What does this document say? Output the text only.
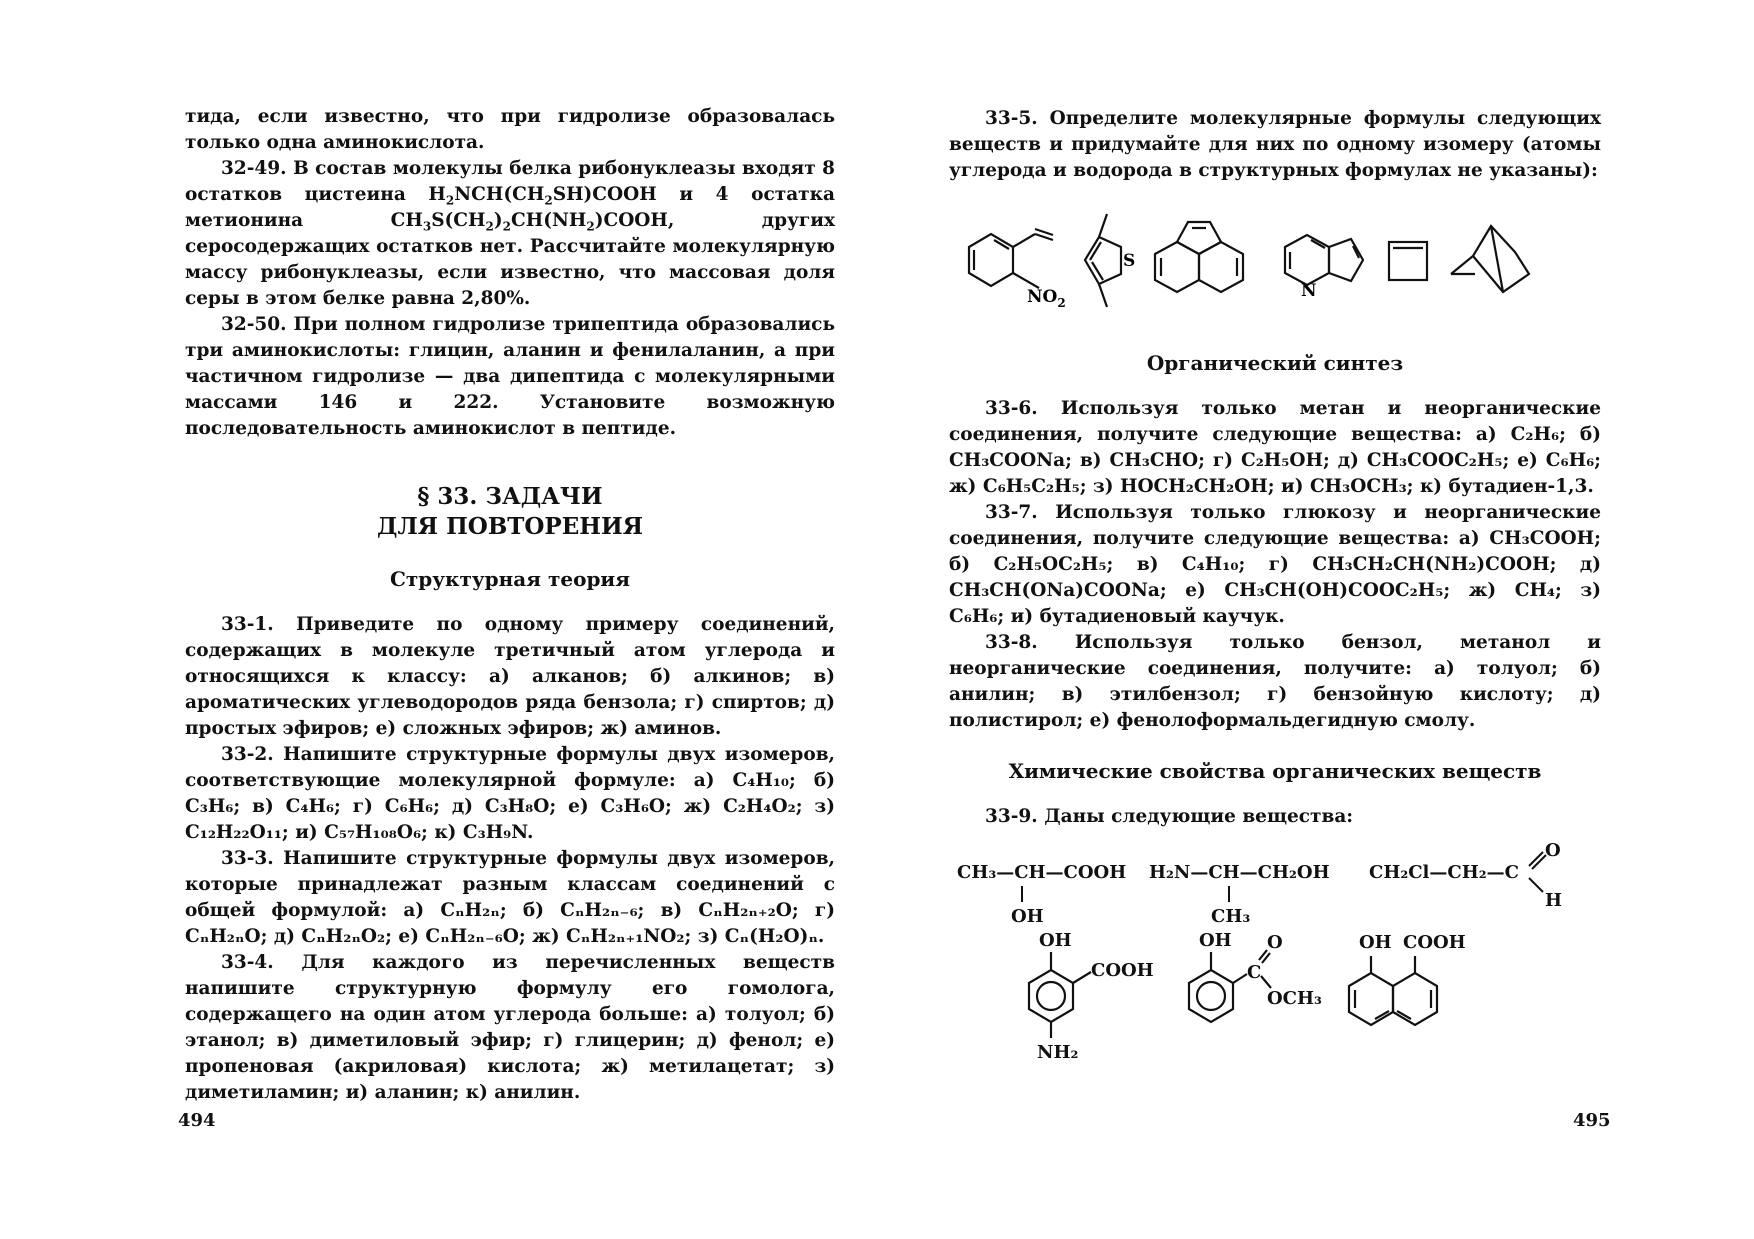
тида, если известно, что при гидролизе образовалась только одна аминокислота.

32-49. В состав молекулы белка рибонуклеазы входят 8 остатков цистеина $H_2NCH(CH_2SH)COOH$ и 4 остатка метионина $CH_3S(CH_2)_2CH(NH_2)COOH$, других серосодержащих остатков нет. Рассчитайте молекулярную массу рибонуклеазы, если известно, что массовая доля серы в этом белке равна 2,80%.

32-50. При полном гидролизе трипептида образовались три аминокислоты: глицин, аланин и фенилаланин, а при частичном гидролизе — два дипептида с молекулярными массами 146 и 222. Установите возможную последовательность аминокислот в пептиде.

§ 33. ЗАДАЧИ
ДЛЯ ПОВТОРЕНИЯ
Структурная теория

33-1. Приведите по одному примеру соединений, содержащих в молекуле третичный атом углерода и относящихся к классу: а) алканов; б) алкинов; в) ароматических углеводородов ряда бензола; г) спиртов; д) простых эфиров; е) сложных эфиров; ж) аминов.

33-2. Напишите структурные формулы двух изомеров, соответствующие молекулярной формуле: а) C₄H₁₀; б) C₃H₆; в) C₄H₆; г) C₆H₆; д) C₃H₈O; е) C₃H₆O; ж) C₂H₄O₂; з) C₁₂H₂₂O₁₁; и) C₅₇H₁₀₈O₆; к) C₃H₉N.

33-3. Напишите структурные формулы двух изомеров, которые принадлежат разным классам соединений с общей формулой: а) CₙH₂ₙ; б) CₙH₂ₙ₋₆; в) CₙH₂ₙ₊₂O; г) CₙH₂ₙO; д) CₙH₂ₙO₂; е) CₙH₂ₙ₋₆O; ж) CₙH₂ₙ₊₁NO₂; з) Cₙ(H₂O)ₙ.

33-4. Для каждого из перечисленных веществ напишите структурную формулу его гомолога, содержащего на один атом углерода больше: а) толуол; б) этанол; в) диметиловый эфир; г) глицерин; д) фенол; е) пропеновая (акриловая) кислота; ж) метилацетат; з) диметиламин; и) аланин; к) анилин.

494

33-5. Определите молекулярные формулы следующих веществ и придумайте для них по одному изомеру (атомы углерода и водорода в структурных формулах не указаны):

$NO_2$
S
N
Органический синтез

33-6. Используя только метан и неорганические соединения, получите следующие вещества: а) C₂H₆; б) CH₃COONa; в) CH₃CHO; г) C₂H₅OH; д) CH₃COOC₂H₅; е) C₆H₆; ж) C₆H₅C₂H₅; з) HOCH₂CH₂OH; и) CH₃OCH₃; к) бутадиен-1,3.

33-7. Используя только глюкозу и неорганические соединения, получите следующие вещества: а) CH₃COOH; б) C₂H₅OC₂H₅; в) C₄H₁₀; г) CH₃CH₂CH(NH₂)COOH; д) CH₃CH(ONa)COONa; е) CH₃CH(OH)COOC₂H₅; ж) CH₄; з) C₆H₆; и) бутадиеновый каучук.

33-8. Используя только бензол, метанол и неорганические соединения, получите: а) толуол; б) анилин; в) этилбензол; г) бензойную кислоту; д) полистирол; е) фенолоформальдегидную смолу.

Химические свойства органических веществ

33-9. Даны следующие вещества:

CH₃—CH—COOH
OH
H₂N—CH—CH₂OH
CH₃
CH₂Cl—CH₂—C
O
H
OH
COOH
NH₂
OH
C
O
OCH₃
OH COOH
495
